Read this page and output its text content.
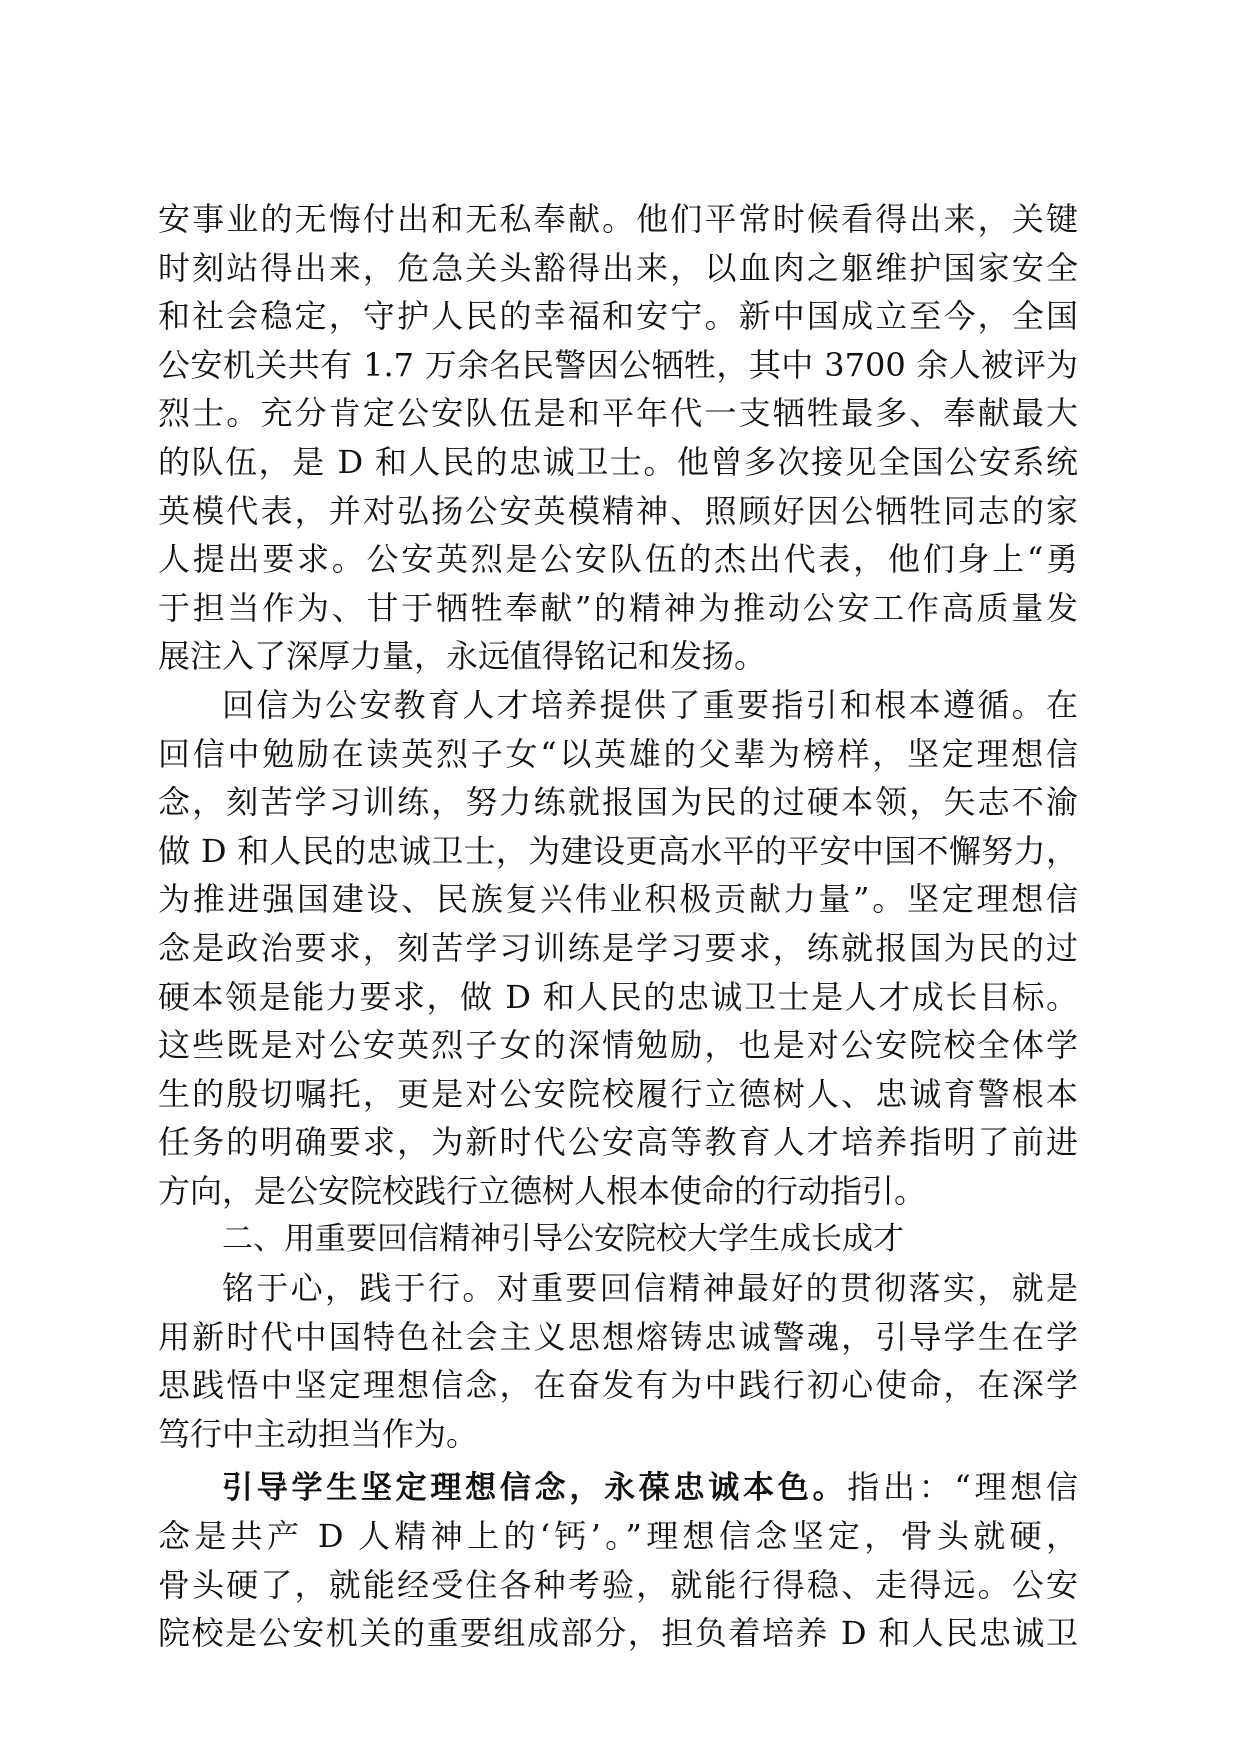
安事业的无悔付出和无私奉献。他们平常时候看得出来，关键
时刻站得出来，危急关头豁得出来，以血肉之躯维护国家安全
和社会稳定，守护人民的幸福和安宁。新中国成立至今，全国
公安机关共有 1.7 万余名民警因公牺牲，其中 3700 余人被评为
烈士。充分肯定公安队伍是和平年代一支牺牲最多、奉献最大
的队伍，是 D 和人民的忠诚卫士。他曾多次接见全国公安系统
英模代表，并对弘扬公安英模精神、照顾好因公牺牲同志的家
人提出要求。公安英烈是公安队伍的杰出代表，他们身上“勇
于担当作为、甘于牺牲奉献”的精神为推动公安工作高质量发
展注入了深厚力量，永远值得铭记和发扬。
回信为公安教育人才培养提供了重要指引和根本遵循。在
回信中勉励在读英烈子女“以英雄的父辈为榜样，坚定理想信
念，刻苦学习训练，努力练就报国为民的过硬本领，矢志不渝
做 D 和人民的忠诚卫士，为建设更高水平的平安中国不懈努力，
为推进强国建设、民族复兴伟业积极贡献力量”。坚定理想信
念是政治要求，刻苦学习训练是学习要求，练就报国为民的过
硬本领是能力要求，做 D 和人民的忠诚卫士是人才成长目标。
这些既是对公安英烈子女的深情勉励，也是对公安院校全体学
生的殷切嘱托，更是对公安院校履行立德树人、忠诚育警根本
任务的明确要求，为新时代公安高等教育人才培养指明了前进
方向，是公安院校践行立德树人根本使命的行动指引。
二、用重要回信精神引导公安院校大学生成长成才
铭于心，践于行。对重要回信精神最好的贯彻落实，就是
用新时代中国特色社会主义思想熔铸忠诚警魂，引导学生在学
思践悟中坚定理想信念，在奋发有为中践行初心使命，在深学
笃行中主动担当作为。
引导学生坚定理想信念，永葆忠诚本色。指出：“理想信
念是共产 D 人精神上的‘钙’。”理想信念坚定，骨头就硬，
骨头硬了，就能经受住各种考验，就能行得稳、走得远。公安
院校是公安机关的重要组成部分，担负着培养 D 和人民忠诚卫
